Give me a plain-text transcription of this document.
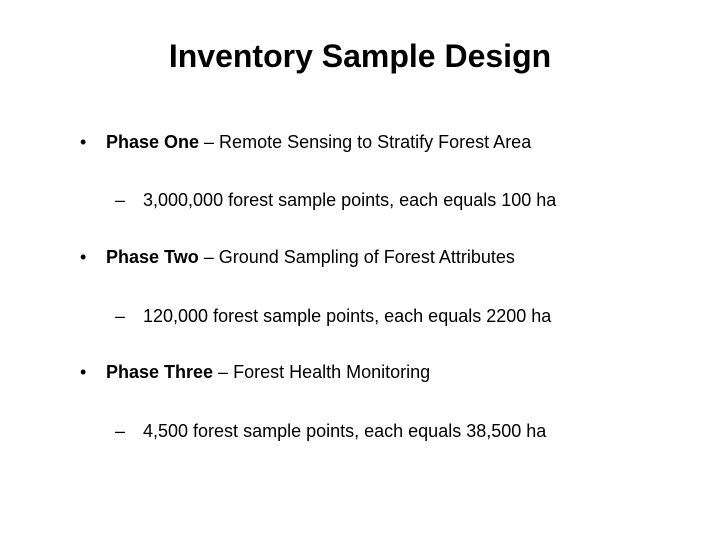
Inventory Sample Design
• Phase One – Remote Sensing to Stratify Forest Area
– 3,000,000 forest sample points, each equals 100 ha
• Phase Two – Ground Sampling of Forest Attributes
– 120,000 forest sample points, each equals 2200 ha
• Phase Three – Forest Health Monitoring
– 4,500 forest sample points, each equals 38,500 ha
